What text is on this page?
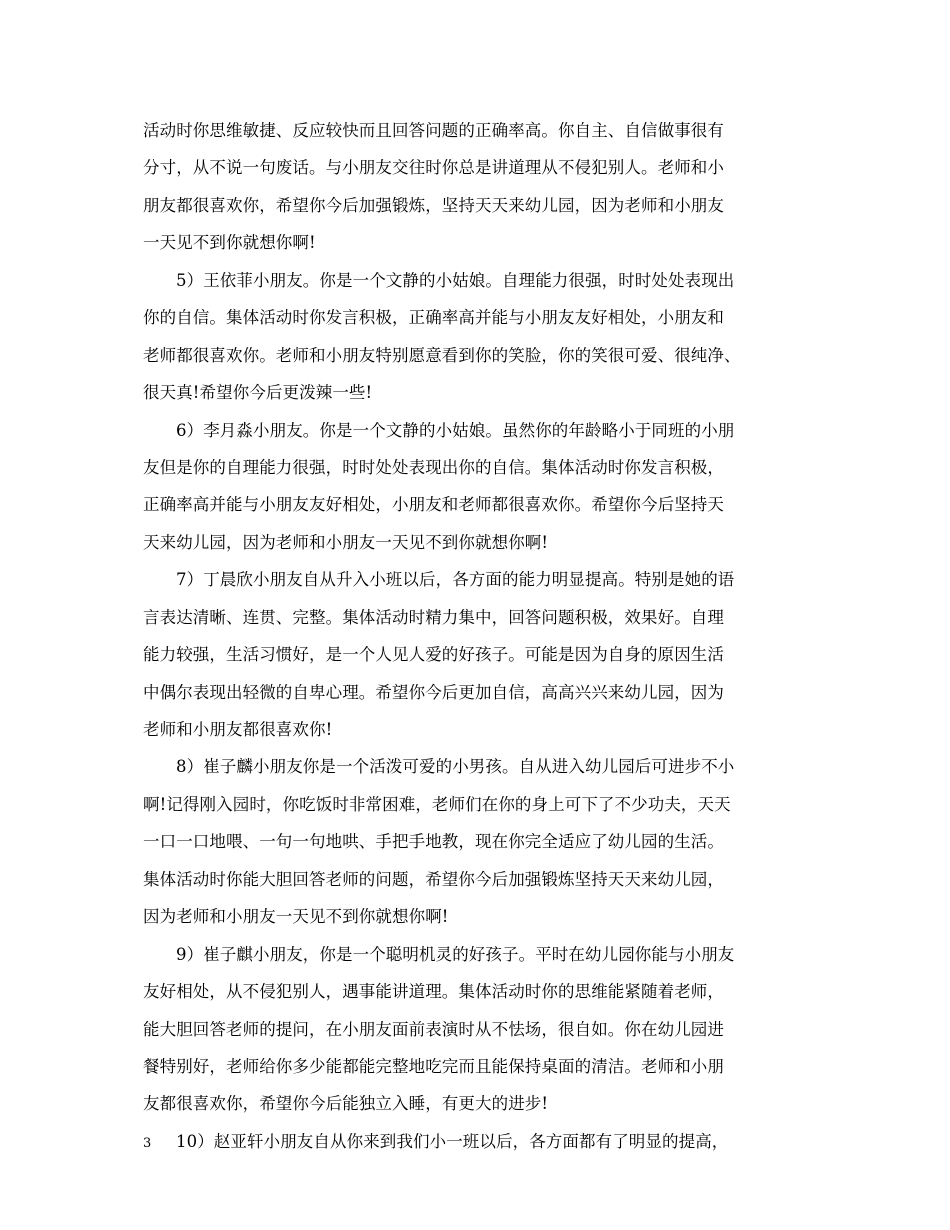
活动时你思维敏捷、反应较快而且回答问题的正确率高。你自主、自信做事很有
分寸，从不说一句废话。与小朋友交往时你总是讲道理从不侵犯别人。老师和小
朋友都很喜欢你，希望你今后加强锻炼，坚持天天来幼儿园，因为老师和小朋友
一天见不到你就想你啊!
5）王依菲小朋友。你是一个文静的小姑娘。自理能力很强，时时处处表现出
你的自信。集体活动时你发言积极，正确率高并能与小朋友友好相处，小朋友和
老师都很喜欢你。老师和小朋友特别愿意看到你的笑脸，你的笑很可爱、很纯净、
很天真!希望你今后更泼辣一些!
6）李月淼小朋友。你是一个文静的小姑娘。虽然你的年龄略小于同班的小朋
友但是你的自理能力很强，时时处处表现出你的自信。集体活动时你发言积极，
正确率高并能与小朋友友好相处，小朋友和老师都很喜欢你。希望你今后坚持天
天来幼儿园，因为老师和小朋友一天见不到你就想你啊!
7）丁晨欣小朋友自从升入小班以后，各方面的能力明显提高。特别是她的语
言表达清晰、连贯、完整。集体活动时精力集中，回答问题积极，效果好。自理
能力较强，生活习惯好，是一个人见人爱的好孩子。可能是因为自身的原因生活
中偶尔表现出轻微的自卑心理。希望你今后更加自信，高高兴兴来幼儿园，因为
老师和小朋友都很喜欢你!
8）崔子麟小朋友你是一个活泼可爱的小男孩。自从进入幼儿园后可进步不小
啊!记得刚入园时，你吃饭时非常困难，老师们在你的身上可下了不少功夫，天天
一口一口地喂、一句一句地哄、手把手地教，现在你完全适应了幼儿园的生活。
集体活动时你能大胆回答老师的问题，希望你今后加强锻炼坚持天天来幼儿园，
因为老师和小朋友一天见不到你就想你啊!
9）崔子麒小朋友，你是一个聪明机灵的好孩子。平时在幼儿园你能与小朋友
友好相处，从不侵犯别人，遇事能讲道理。集体活动时你的思维能紧随着老师，
能大胆回答老师的提问，在小朋友面前表演时从不怯场，很自如。你在幼儿园进
餐特别好，老师给你多少能都能完整地吃完而且能保持桌面的清洁。老师和小朋
友都很喜欢你，希望你今后能独立入睡，有更大的进步!
10）赵亚轩小朋友自从你来到我们小一班以后，各方面都有了明显的提高，
3
